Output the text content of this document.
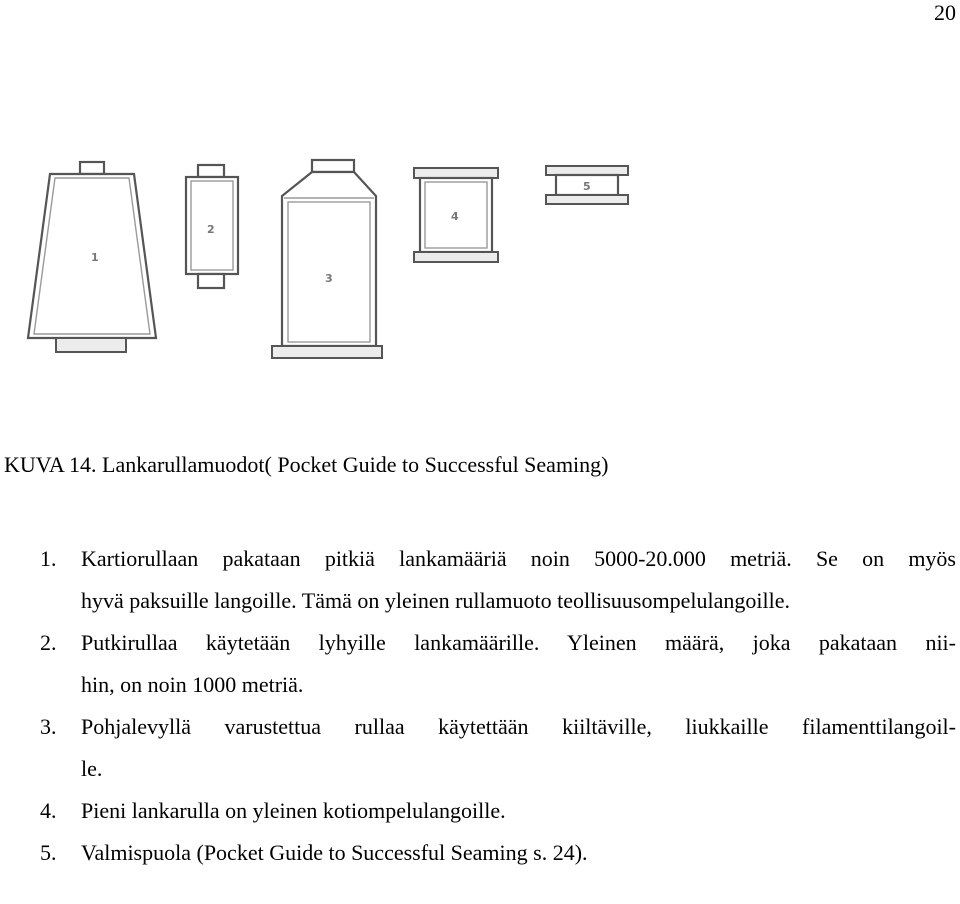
20
1
2
3
4
5
KUVA 14. Lankarullamuodot( Pocket Guide to Successful Seaming)
1.	Kartiorullaan pakataan pitkiä lankamääriä noin 5000-20.000 metriä. Se on myös
hyvä paksuille langoille. Tämä on yleinen rullamuoto teollisuusompelulangoille.
2.	Putkirullaa käytetään lyhyille lankamäärille. Yleinen määrä, joka pakataan nii-
hin, on noin 1000 metriä.
3.	Pohjalevyllä varustettua rullaa käytettään kiiltäville, liukkaille filamenttilangoil-
le.
4.	Pieni lankarulla on yleinen kotiompelulangoille.
5.	Valmispuola (Pocket Guide to Successful Seaming s. 24).
